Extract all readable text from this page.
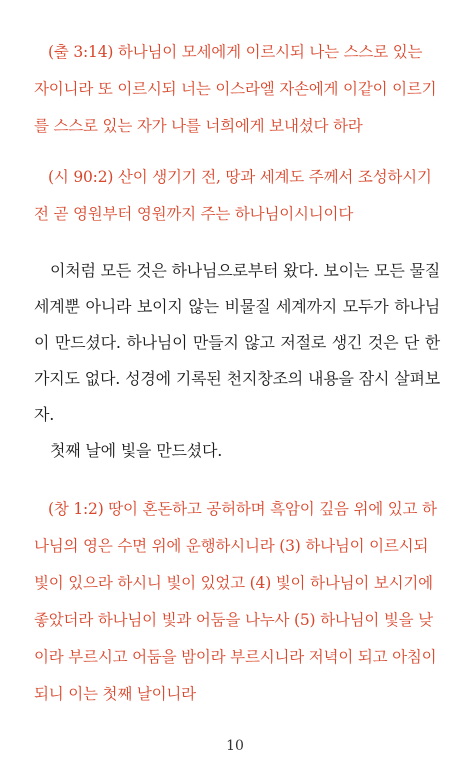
(출 3:14) 하나님이 모세에게 이르시되 나는 스스로 있는 자이니라 또 이르시되 너는 이스라엘 자손에게 이같이 이르기를 스스로 있는 자가 나를 너희에게 보내셨다 하라

(시 90:2) 산이 생기기 전, 땅과 세계도 주께서 조성하시기 전 곧 영원부터 영원까지 주는 하나님이시니이다

이처럼 모든 것은 하나님으로부터 왔다. 보이는 모든 물질세계뿐 아니라 보이지 않는 비물질 세계까지 모두가 하나님이 만드셨다. 하나님이 만들지 않고 저절로 생긴 것은 단 한 가지도 없다. 성경에 기록된 천지창조의 내용을 잠시 살펴보자.

첫째 날에 빛을 만드셨다.

(창 1:2) 땅이 혼돈하고 공허하며 흑암이 깊음 위에 있고 하나님의 영은 수면 위에 운행하시니라 (3) 하나님이 이르시되 빛이 있으라 하시니 빛이 있었고 (4) 빛이 하나님이 보시기에 좋았더라 하나님이 빛과 어둠을 나누사 (5) 하나님이 빛을 낮이라 부르시고 어둠을 밤이라 부르시니라 저녁이 되고 아침이 되니 이는 첫째 날이니라

10
